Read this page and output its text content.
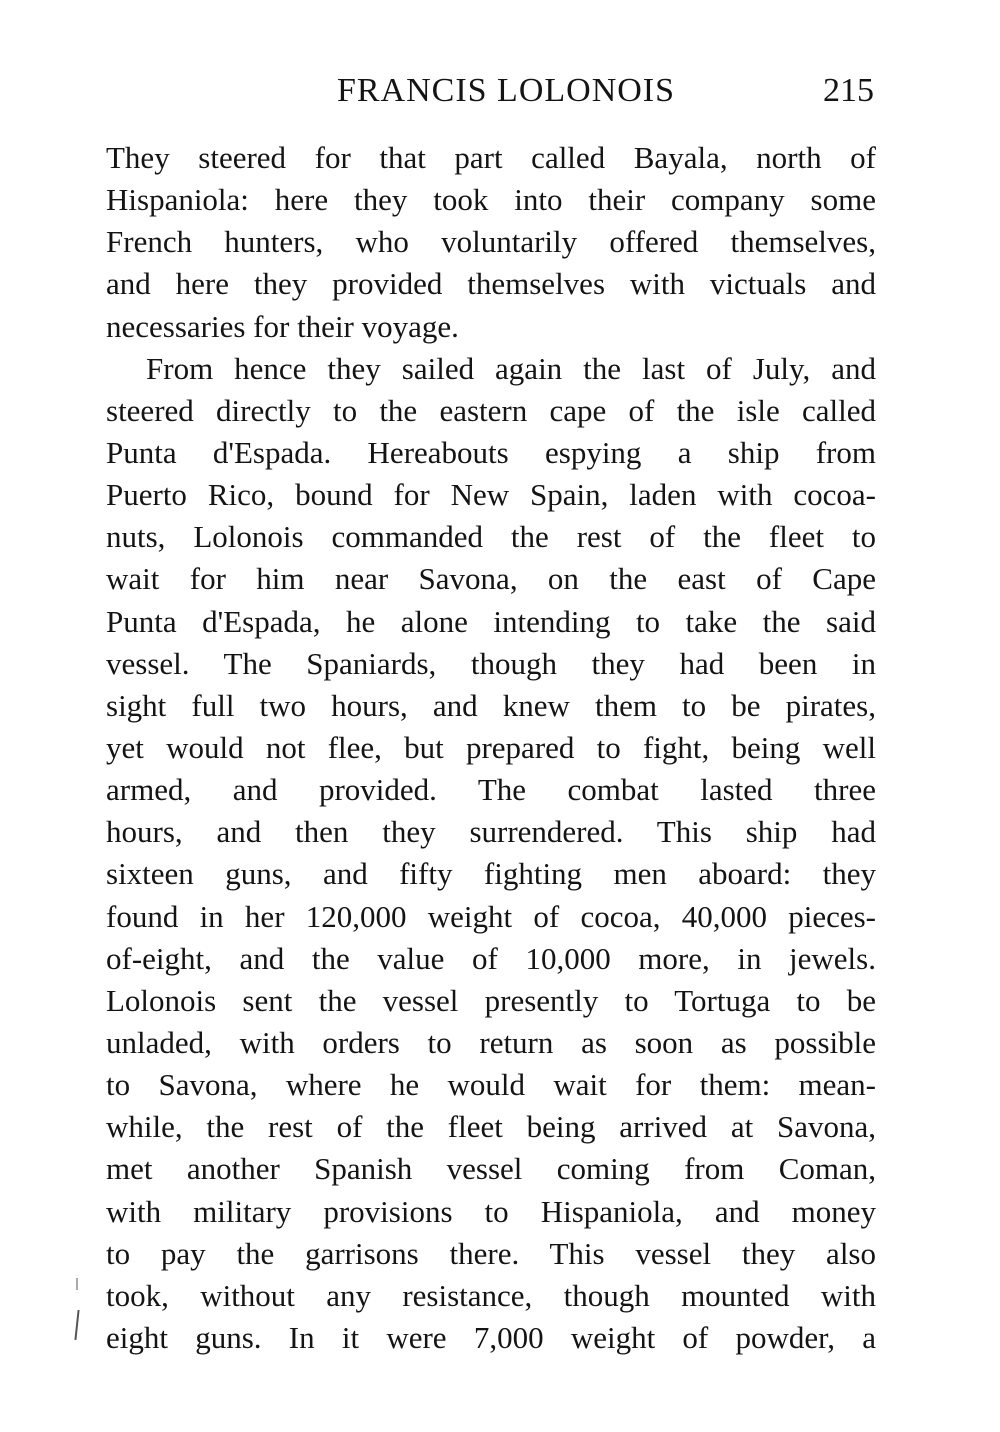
FRANCIS LOLONOIS	215
They steered for that part called Bayala, north of
Hispaniola: here they took into their company some
French hunters, who voluntarily offered themselves,
and here they provided themselves with victuals and
necessaries for their voyage.
From hence they sailed again the last of July, and
steered directly to the eastern cape of the isle called
Punta d'Espada. Hereabouts espying a ship from
Puerto Rico, bound for New Spain, laden with cocoa-
nuts, Lolonois commanded the rest of the fleet to
wait for him near Savona, on the east of Cape
Punta d'Espada, he alone intending to take the said
vessel. The Spaniards, though they had been in
sight full two hours, and knew them to be pirates,
yet would not flee, but prepared to fight, being well
armed, and provided. The combat lasted three
hours, and then they surrendered. This ship had
sixteen guns, and fifty fighting men aboard: they
found in her 120,000 weight of cocoa, 40,000 pieces-
of-eight, and the value of 10,000 more, in jewels.
Lolonois sent the vessel presently to Tortuga to be
unladed, with orders to return as soon as possible
to Savona, where he would wait for them: mean-
while, the rest of the fleet being arrived at Savona,
met another Spanish vessel coming from Coman,
with military provisions to Hispaniola, and money
to pay the garrisons there. This vessel they also
took, without any resistance, though mounted with
eight guns. In it were 7,000 weight of powder, a
